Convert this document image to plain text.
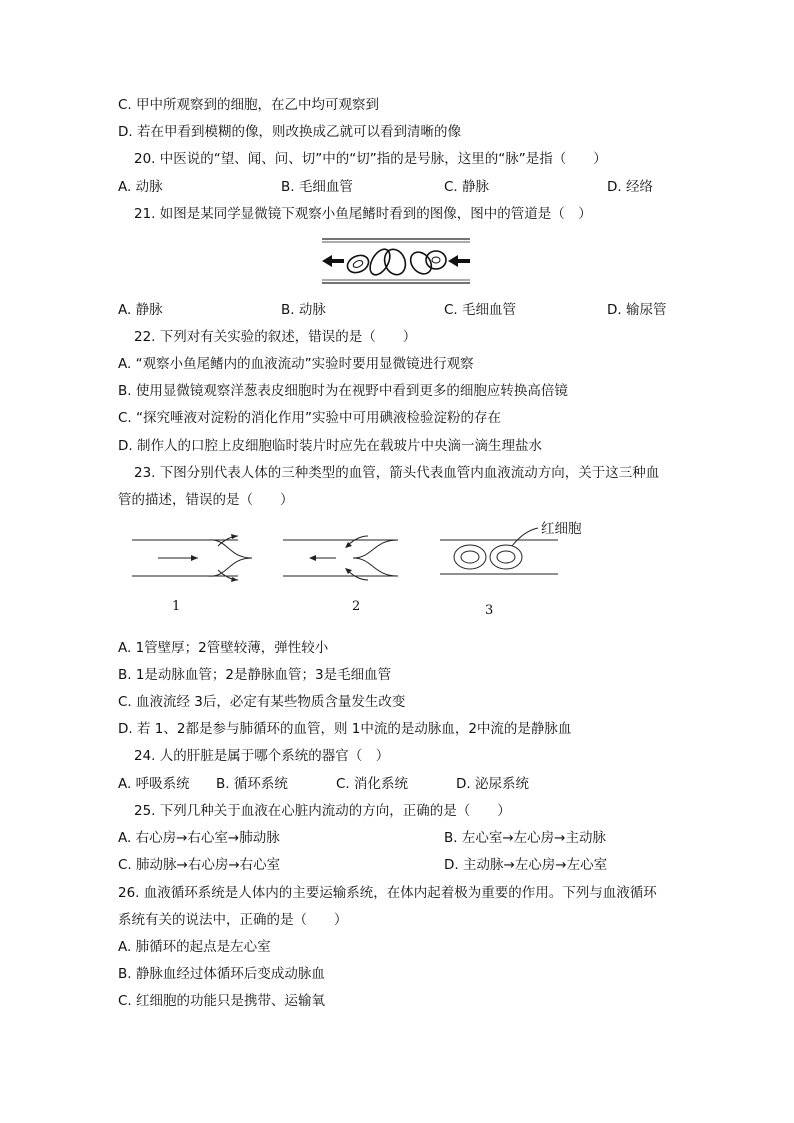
C. 甲中所观察到的细胞，在乙中均可观察到
D. 若在甲看到模糊的像，则改换成乙就可以看到清晰的像
20. 中医说的“望、闻、问、切”中的“切”指的是号脉，这里的“脉”是指（　　）
A. 动脉	B. 毛细血管	C. 静脉	D. 经络
21. 如图是某同学显微镜下观察小鱼尾鳍时看到的图像，图中的管道是（　）
A. 静脉	B. 动脉	C. 毛细血管	D. 输尿管
22. 下列对有关实验的叙述，错误的是（　　）
A. “观察小鱼尾鳍内的血液流动”实验时要用显微镜进行观察
B. 使用显微镜观察洋葱表皮细胞时为在视野中看到更多的细胞应转换高倍镜
C. “探究唾液对淀粉的消化作用”实验中可用碘液检验淀粉的存在
D. 制作人的口腔上皮细胞临时装片时应先在载玻片中央滴一滴生理盐水
23. 下图分别代表人体的三种类型的血管，箭头代表血管内血液流动方向，关于这三种血
管的描述，错误的是（　　）
红细胞
1	2	3
A. 1管壁厚；2管壁较薄，弹性较小
B. 1是动脉血管；2是静脉血管；3是毛细血管
C. 血液流经 3后，必定有某些物质含量发生改变
D. 若 1、2都是参与肺循环的血管，则 1中流的是动脉血，2中流的是静脉血
24. 人的肝脏是属于哪个系统的器官（　）
A. 呼吸系统 B. 循环系统	C. 消化系统	D. 泌尿系统
25. 下列几种关于血液在心脏内流动的方向，正确的是（　　）
A. 右心房→右心室→肺动脉	B. 左心室→左心房→主动脉
C. 肺动脉→右心房→右心室	D. 主动脉→左心房→左心室
26. 血液循环系统是人体内的主要运输系统，在体内起着极为重要的作用。下列与血液循环
系统有关的说法中，正确的是（　　）
A. 肺循环的起点是左心室
B. 静脉血经过体循环后变成动脉血
C. 红细胞的功能只是携带、运输氧
